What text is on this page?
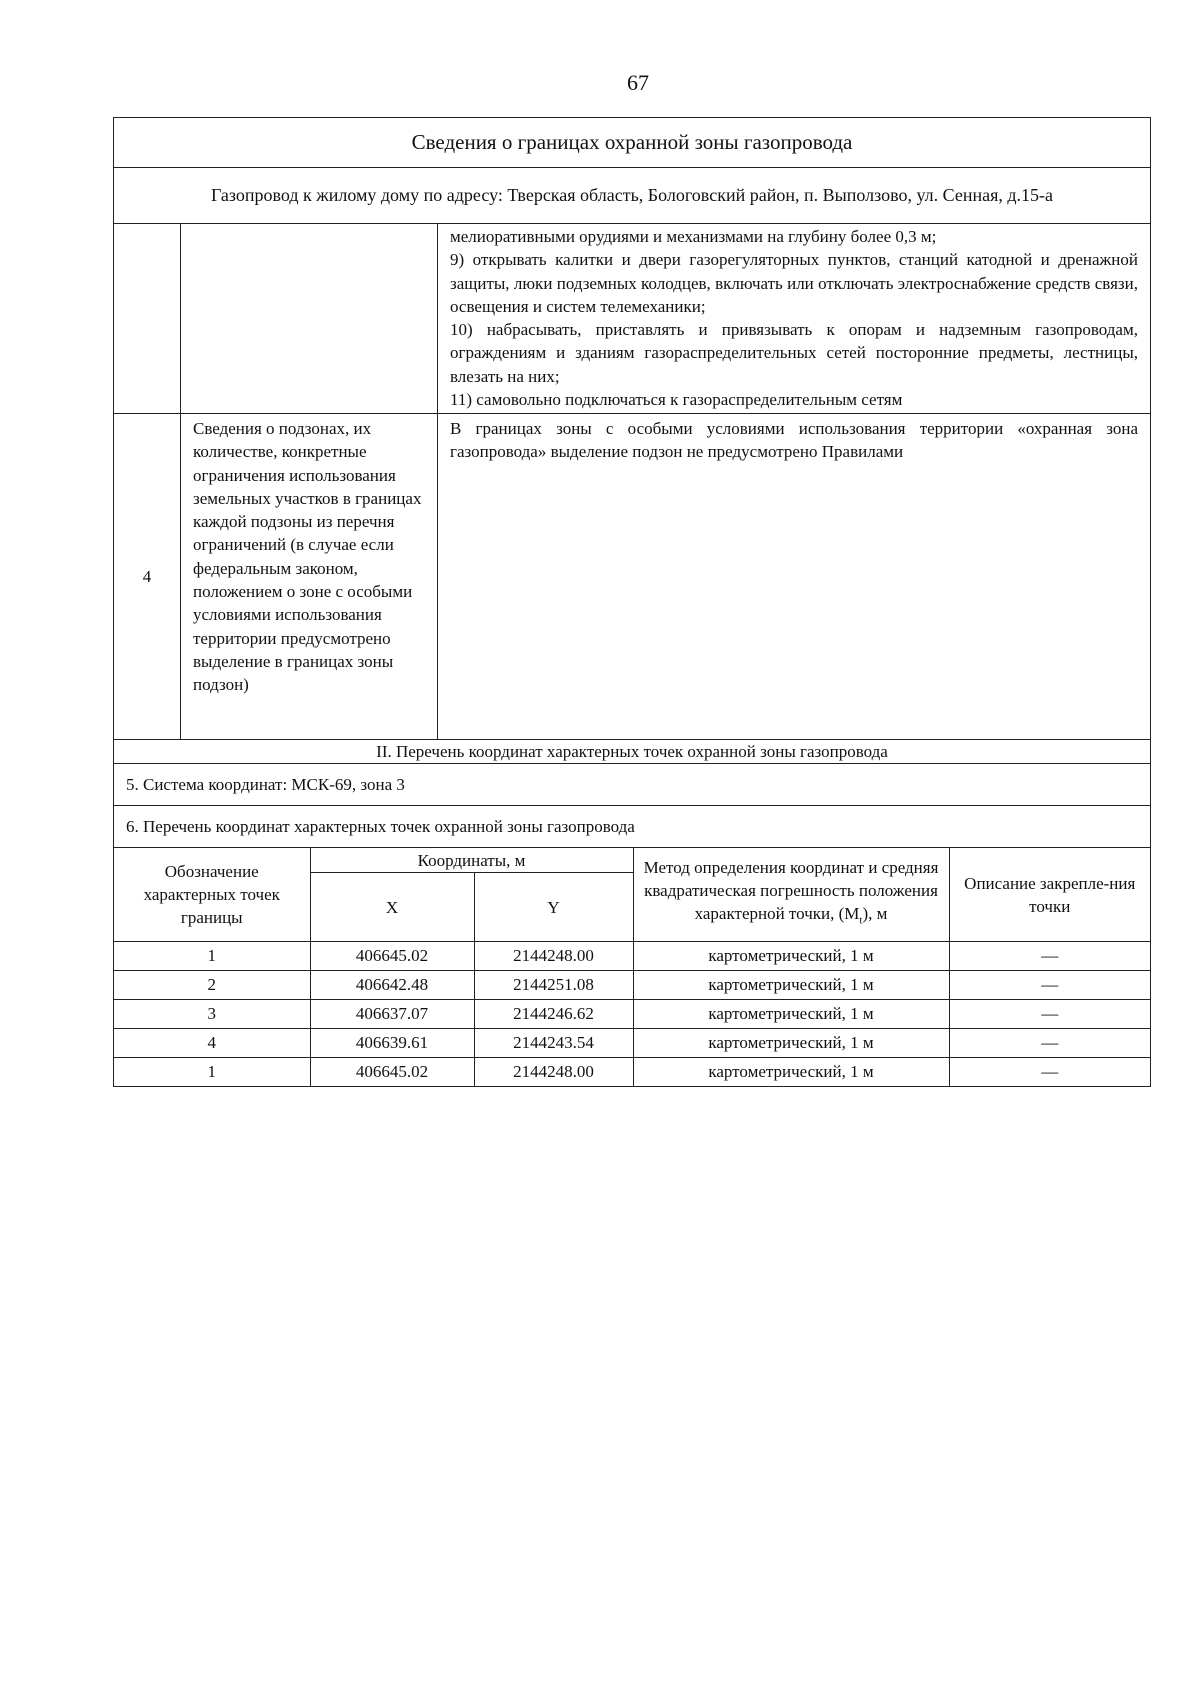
67
Сведения о границах охранной зоны газопровода
Газопровод к жилому дому по адресу: Тверская область, Бологовский район, п. Выползово, ул. Сенная, д.15-а

мелиоративными орудиями и механизмами на глубину более 0,3 м;

9) открывать калитки и двери газорегуляторных пунктов, станций катодной и дренажной защиты, люки подземных колодцев, включать или отключать электроснабжение средств связи, освещения и систем телемеханики;

10) набрасывать, приставлять и привязывать к опорам и надземным газопроводам, ограждениям и зданиям газораспределительных сетей посторонние предметы, лестницы, влезать на них;

11) самовольно подключаться к газораспределительным сетям

4
Сведения о подзонах, их количестве, конкретные ограничения использования земельных участков в границах каждой подзоны из перечня ограничений (в случае если федеральным законом, положением о зоне с особыми условиями использования территории предусмотрено выделение в границах зоны подзон)
В границах зоны с особыми условиями использования территории «охранная зона газопровода» выделение подзон не предусмотрено Правилами
II. Перечень координат характерных точек охранной зоны газопровода
5. Система координат: МСК-69, зона 3
6. Перечень координат характерных точек охранной зоны газопровода
Обозначение характерных точек границы	Координаты, м		Метод определения координат и средняя квадратическая погрешность положения характерной точки, $(M_t)$, м	Описание закрепле-ния точки
	X	Y		
1	406645.02	2144248.00	картометрический, 1 м	—
2	406642.48	2144251.08	картометрический, 1 м	—
3	406637.07	2144246.62	картометрический, 1 м	—
4	406639.61	2144243.54	картометрический, 1 м	—
1	406645.02	2144248.00	картометрический, 1 м	—
